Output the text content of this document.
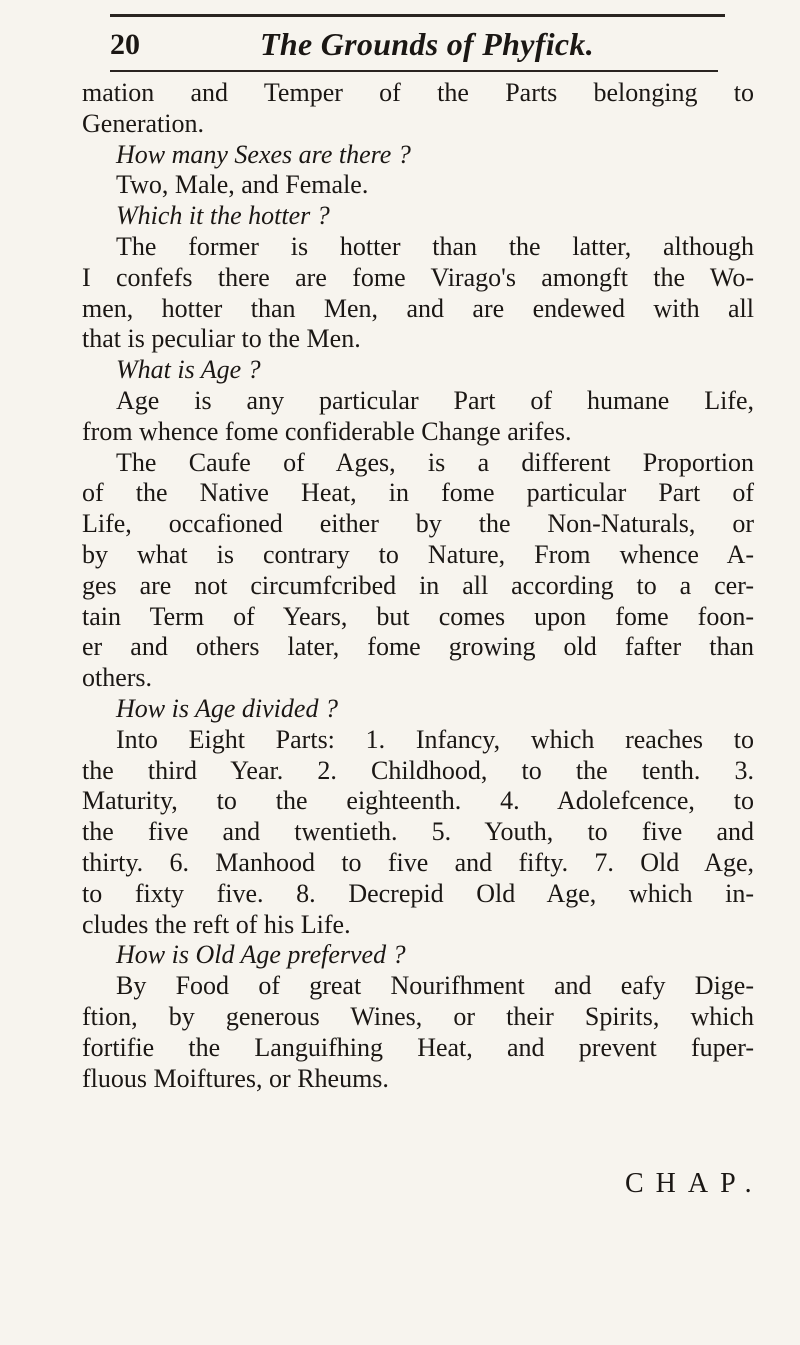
20	The Grounds of Phyfick.
mation and Temper of the Parts belonging to
Generation.
How many Sexes are there ?
Two, Male, and Female.
Which it the hotter ?
The former is hotter than the latter, although
I confefs there are fome Virago's amongft the Wo-
men, hotter than Men, and are endewed with all
that is peculiar to the Men.
What is Age ?
Age is any particular Part of humane Life,
from whence fome confiderable Change arifes.
The Caufe of Ages, is a different Proportion
of the Native Heat, in fome particular Part of
Life, occafioned either by the Non-Naturals, or
by what is contrary to Nature, From whence A-
ges are not circumfcribed in all according to a cer-
tain Term of Years, but comes upon fome foon-
er and others later, fome growing old fafter than
others.
How is Age divided ?
Into Eight Parts: 1. Infancy, which reaches to
the third Year. 2. Childhood, to the tenth. 3.
Maturity, to the eighteenth. 4. Adolefcence, to
the five and twentieth. 5. Youth, to five and
thirty. 6. Manhood to five and fifty. 7. Old Age,
to fixty five. 8. Decrepid Old Age, which in-
cludes the reft of his Life.
How is Old Age preferved ?
By Food of great Nourifhment and eafy Dige-
ftion, by generous Wines, or their Spirits, which
fortifie the Languifhing Heat, and prevent fuper-
fluous Moiftures, or Rheums.
CHAP.
